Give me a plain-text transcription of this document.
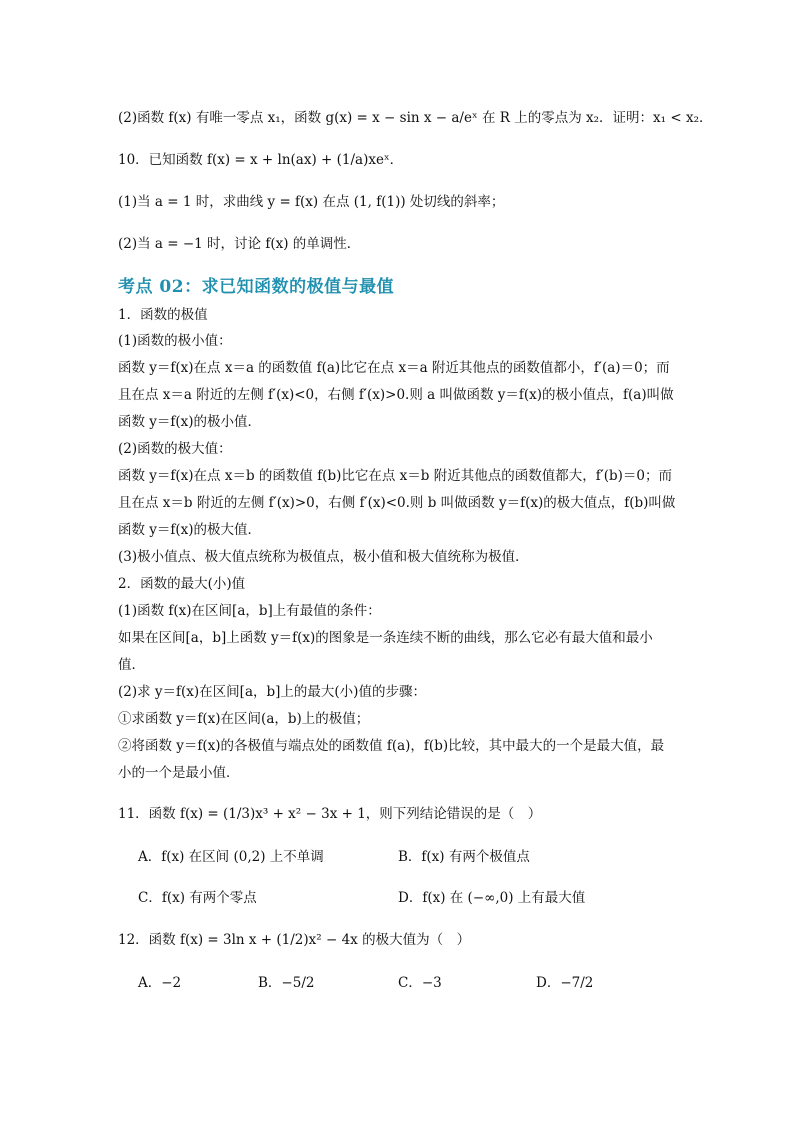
(2)函数 f(x) 有唯一零点 x₁，函数 g(x) = x − sin x − a/eˣ 在 R 上的零点为 x₂．证明：x₁ < x₂．
10．已知函数 f(x) = x + ln(ax) + (1/a)xeˣ．
(1)当 a = 1 时，求曲线 y = f(x) 在点 (1, f(1)) 处切线的斜率；
(2)当 a = −1 时，讨论 f(x) 的单调性．
考点 02：求已知函数的极值与最值
1．函数的极值
(1)函数的极小值：
函数 y＝f(x)在点 x＝a 的函数值 f(a)比它在点 x＝a 附近其他点的函数值都小，f′(a)＝0；而
且在点 x＝a 附近的左侧 f′(x)<0，右侧 f′(x)>0.则 a 叫做函数 y＝f(x)的极小值点，f(a)叫做
函数 y＝f(x)的极小值．
(2)函数的极大值：
函数 y＝f(x)在点 x＝b 的函数值 f(b)比它在点 x＝b 附近其他点的函数值都大，f′(b)＝0；而
且在点 x＝b 附近的左侧 f′(x)>0，右侧 f′(x)<0.则 b 叫做函数 y＝f(x)的极大值点，f(b)叫做
函数 y＝f(x)的极大值．
(3)极小值点、极大值点统称为极值点，极小值和极大值统称为极值．
2．函数的最大(小)值
(1)函数 f(x)在区间[a，b]上有最值的条件：
如果在区间[a，b]上函数 y＝f(x)的图象是一条连续不断的曲线，那么它必有最大值和最小
值．
(2)求 y＝f(x)在区间[a，b]上的最大(小)值的步骤：
①求函数 y＝f(x)在区间(a，b)上的极值；
②将函数 y＝f(x)的各极值与端点处的函数值 f(a)，f(b)比较，其中最大的一个是最大值，最
小的一个是最小值．
11．函数 f(x) = (1/3)x³ + x² − 3x + 1，则下列结论错误的是（　）
A．f(x) 在区间 (0,2) 上不单调	B．f(x) 有两个极值点
C．f(x) 有两个零点	D．f(x) 在 (−∞,0) 上有最大值
12．函数 f(x) = 3ln x + (1/2)x² − 4x 的极大值为（　）
A．−2	B．−5/2	C．−3	D．−7/2
